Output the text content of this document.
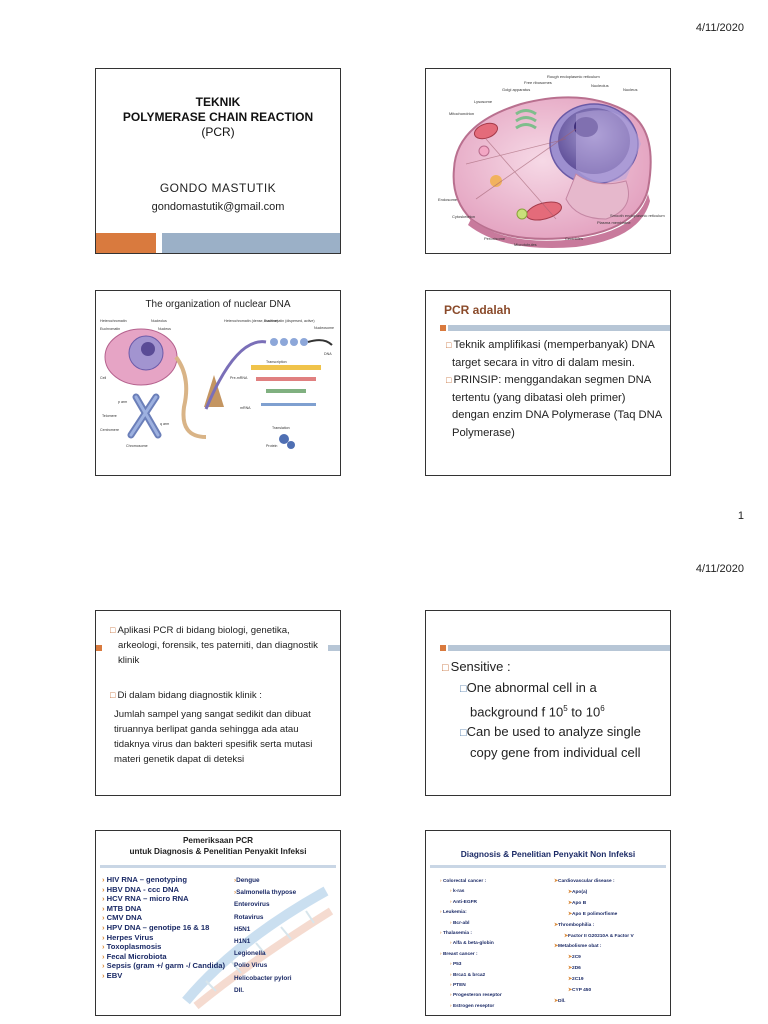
4/11/2020
TEKNIK
POLYMERASE CHAIN REACTION
(PCR)
GONDO MASTUTIK
gondomastutik@gmail.com
Rough endoplasmic reticulum
Free ribosomes
Golgi apparatus
Lysosome
Mitochondrion
Nucleolus
Nucleus
Endosome
Cytoskeleton
Peroxisome
Microtubules
Centrioles
Plasma membrane
Smooth endoplasmic reticulum
The organization of nuclear DNA
Heterochromatin	Nucleolus
Euchromatin	Nucleus
Cell
p arm
Telomere
Centromere
q arm
Chromosome
Heterochromatin (dense, inactive)
Euchromatin (dispersed, active)
Nucleosome
DNA
Transcription
Pre-mRNA
mRNA
Translation
Protein
PCR adalah
□ Teknik amplifikasi (memperbanyak) DNA target secara in vitro di dalam mesin.
□ PRINSIP: menggandakan segmen DNA tertentu (yang dibatasi oleh primer) dengan enzim DNA Polymerase (Taq DNA Polymerase)
1
4/11/2020
□ Aplikasi PCR di bidang biologi, genetika, arkeologi, forensik, tes paterniti, dan diagnostik klinik
□ Di dalam bidang diagnostik klinik :
Jumlah sampel yang sangat sedikit dan dibuat tiruannya berlipat ganda sehingga ada atau tidaknya virus dan bakteri spesifik serta mutasi materi genetik dapat di deteksi
□ Sensitive :
□One abnormal cell in a background f $10^5$ to $10^6$
□Can be used to analyze single copy gene from individual cell
Pemeriksaan PCR
untuk Diagnosis & Penelitian Penyakit Infeksi
› HIV RNA – genotyping
› HBV DNA - ccc DNA
› HCV RNA – micro RNA
› MTB DNA
› CMV DNA
› HPV DNA – genotipe 16 & 18
› Herpes Virus
› Toxoplasmosis
› Fecal Microbiota
› Sepsis (gram +/ garm -/ Candida)
› EBV
›Dengue
›Salmonella thypose
Enterovirus
Rotavirus
H5N1
H1N1
Legionella
Polio Virus
Helicobacter pylori
Dll.
Diagnosis & Penelitian Penyakit Non Infeksi
› Colorectal cancer :
› k-ras
› Anti-EGFR
› Leukemia:
› Bcr-abl
› Thalasemia :
› Alfa & beta-globin
› Breast cancer :
› P53
› Brca1 & brca2
› PTEN
› Progesteron reseptor
› Estrogen reseptor
➤Cardiovascular disease :
➤Apo(a)
➤Apo B
➤Apo E polimorfisme
➤Thrombophilia :
➤Factor II G20210A & Factor V
➤Metabolisme obat :
➤2C9
➤2D6
➤2C19
➤CYP 450
➤Dll.
